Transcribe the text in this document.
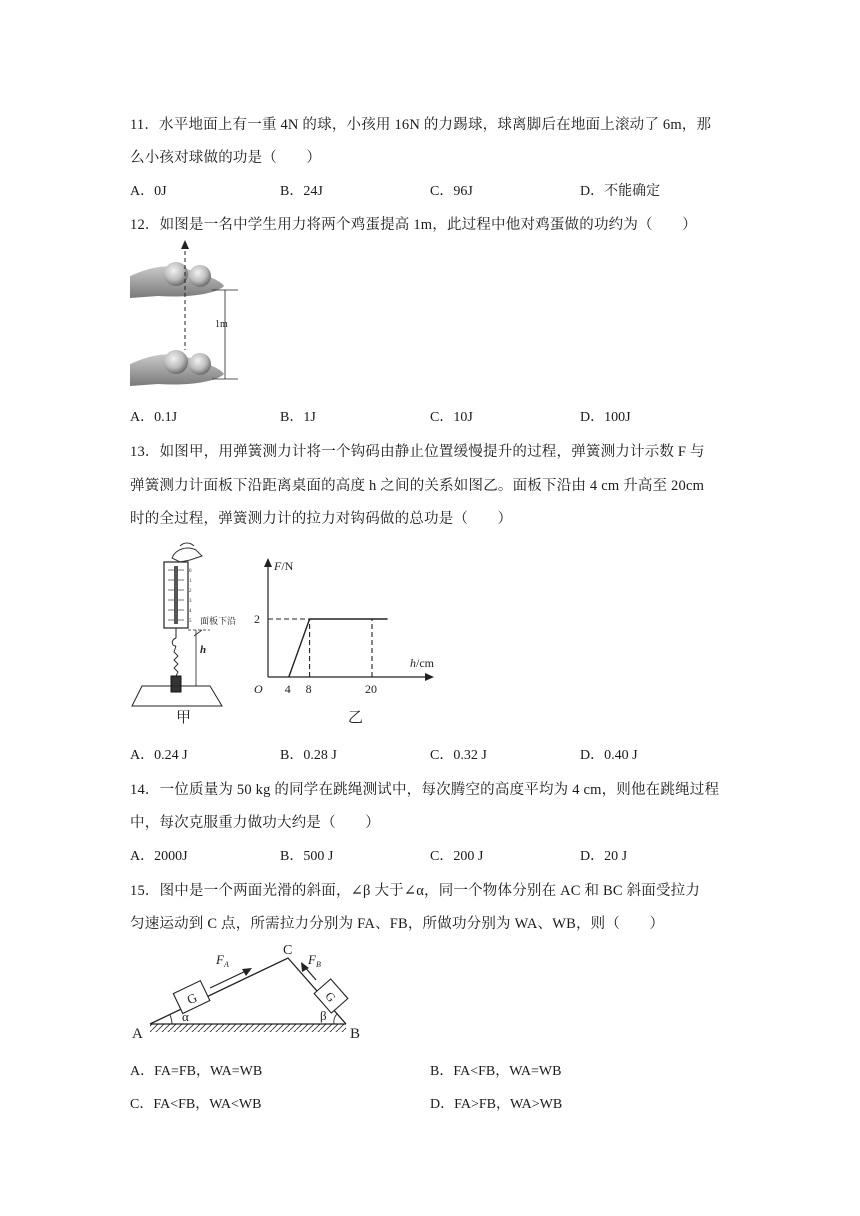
11．水平地面上有一重 4N 的球，小孩用 16N 的力踢球，球离脚后在地面上滚动了 6m，那
么小孩对球做的功是（　　）
A．0J	B．24J	C．96J	D．不能确定
12．如图是一名中学生用力将两个鸡蛋提高 1m，此过程中他对鸡蛋做的功约为（　　）
1m
A．0.1J	B．1J	C．10J	D．100J
13．如图甲，用弹簧测力计将一个钩码由静止位置缓慢提升的过程，弹簧测力计示数 F 与
弹簧测力计面板下沿距离桌面的高度 h 之间的关系如图乙。面板下沿由 4 cm 升高至 20cm
时的全过程，弹簧测力计的拉力对钩码做的总功是（　　）
0
1
2
3
4
5 面板下沿
h
甲
4 8	20
2
O
h/cm
F/N
乙
A．0.24 J	B．0.28 J	C．0.32 J	D．0.40 J
14．一位质量为 50 kg 的同学在跳绳测试中，每次腾空的高度平均为 4 cm，则他在跳绳过程
中，每次克服重力做功大约是（　　）
A．2000J	B．500 J	C．200 J	D．20 J
15．图中是一个两面光滑的斜面，∠β 大于∠α，同一个物体分别在 AC 和 BC 斜面受拉力
匀速运动到 C 点，所需拉力分别为 FA、FB，所做功分别为 WA、WB，则（　　）
G	G
$F_A$	$F_B$
C
A	B
α	β
A．FA=FB，WA=WB	B．FA<FB，WA=WB
C．FA<FB，WA<WB	D．FA>FB，WA>WB
